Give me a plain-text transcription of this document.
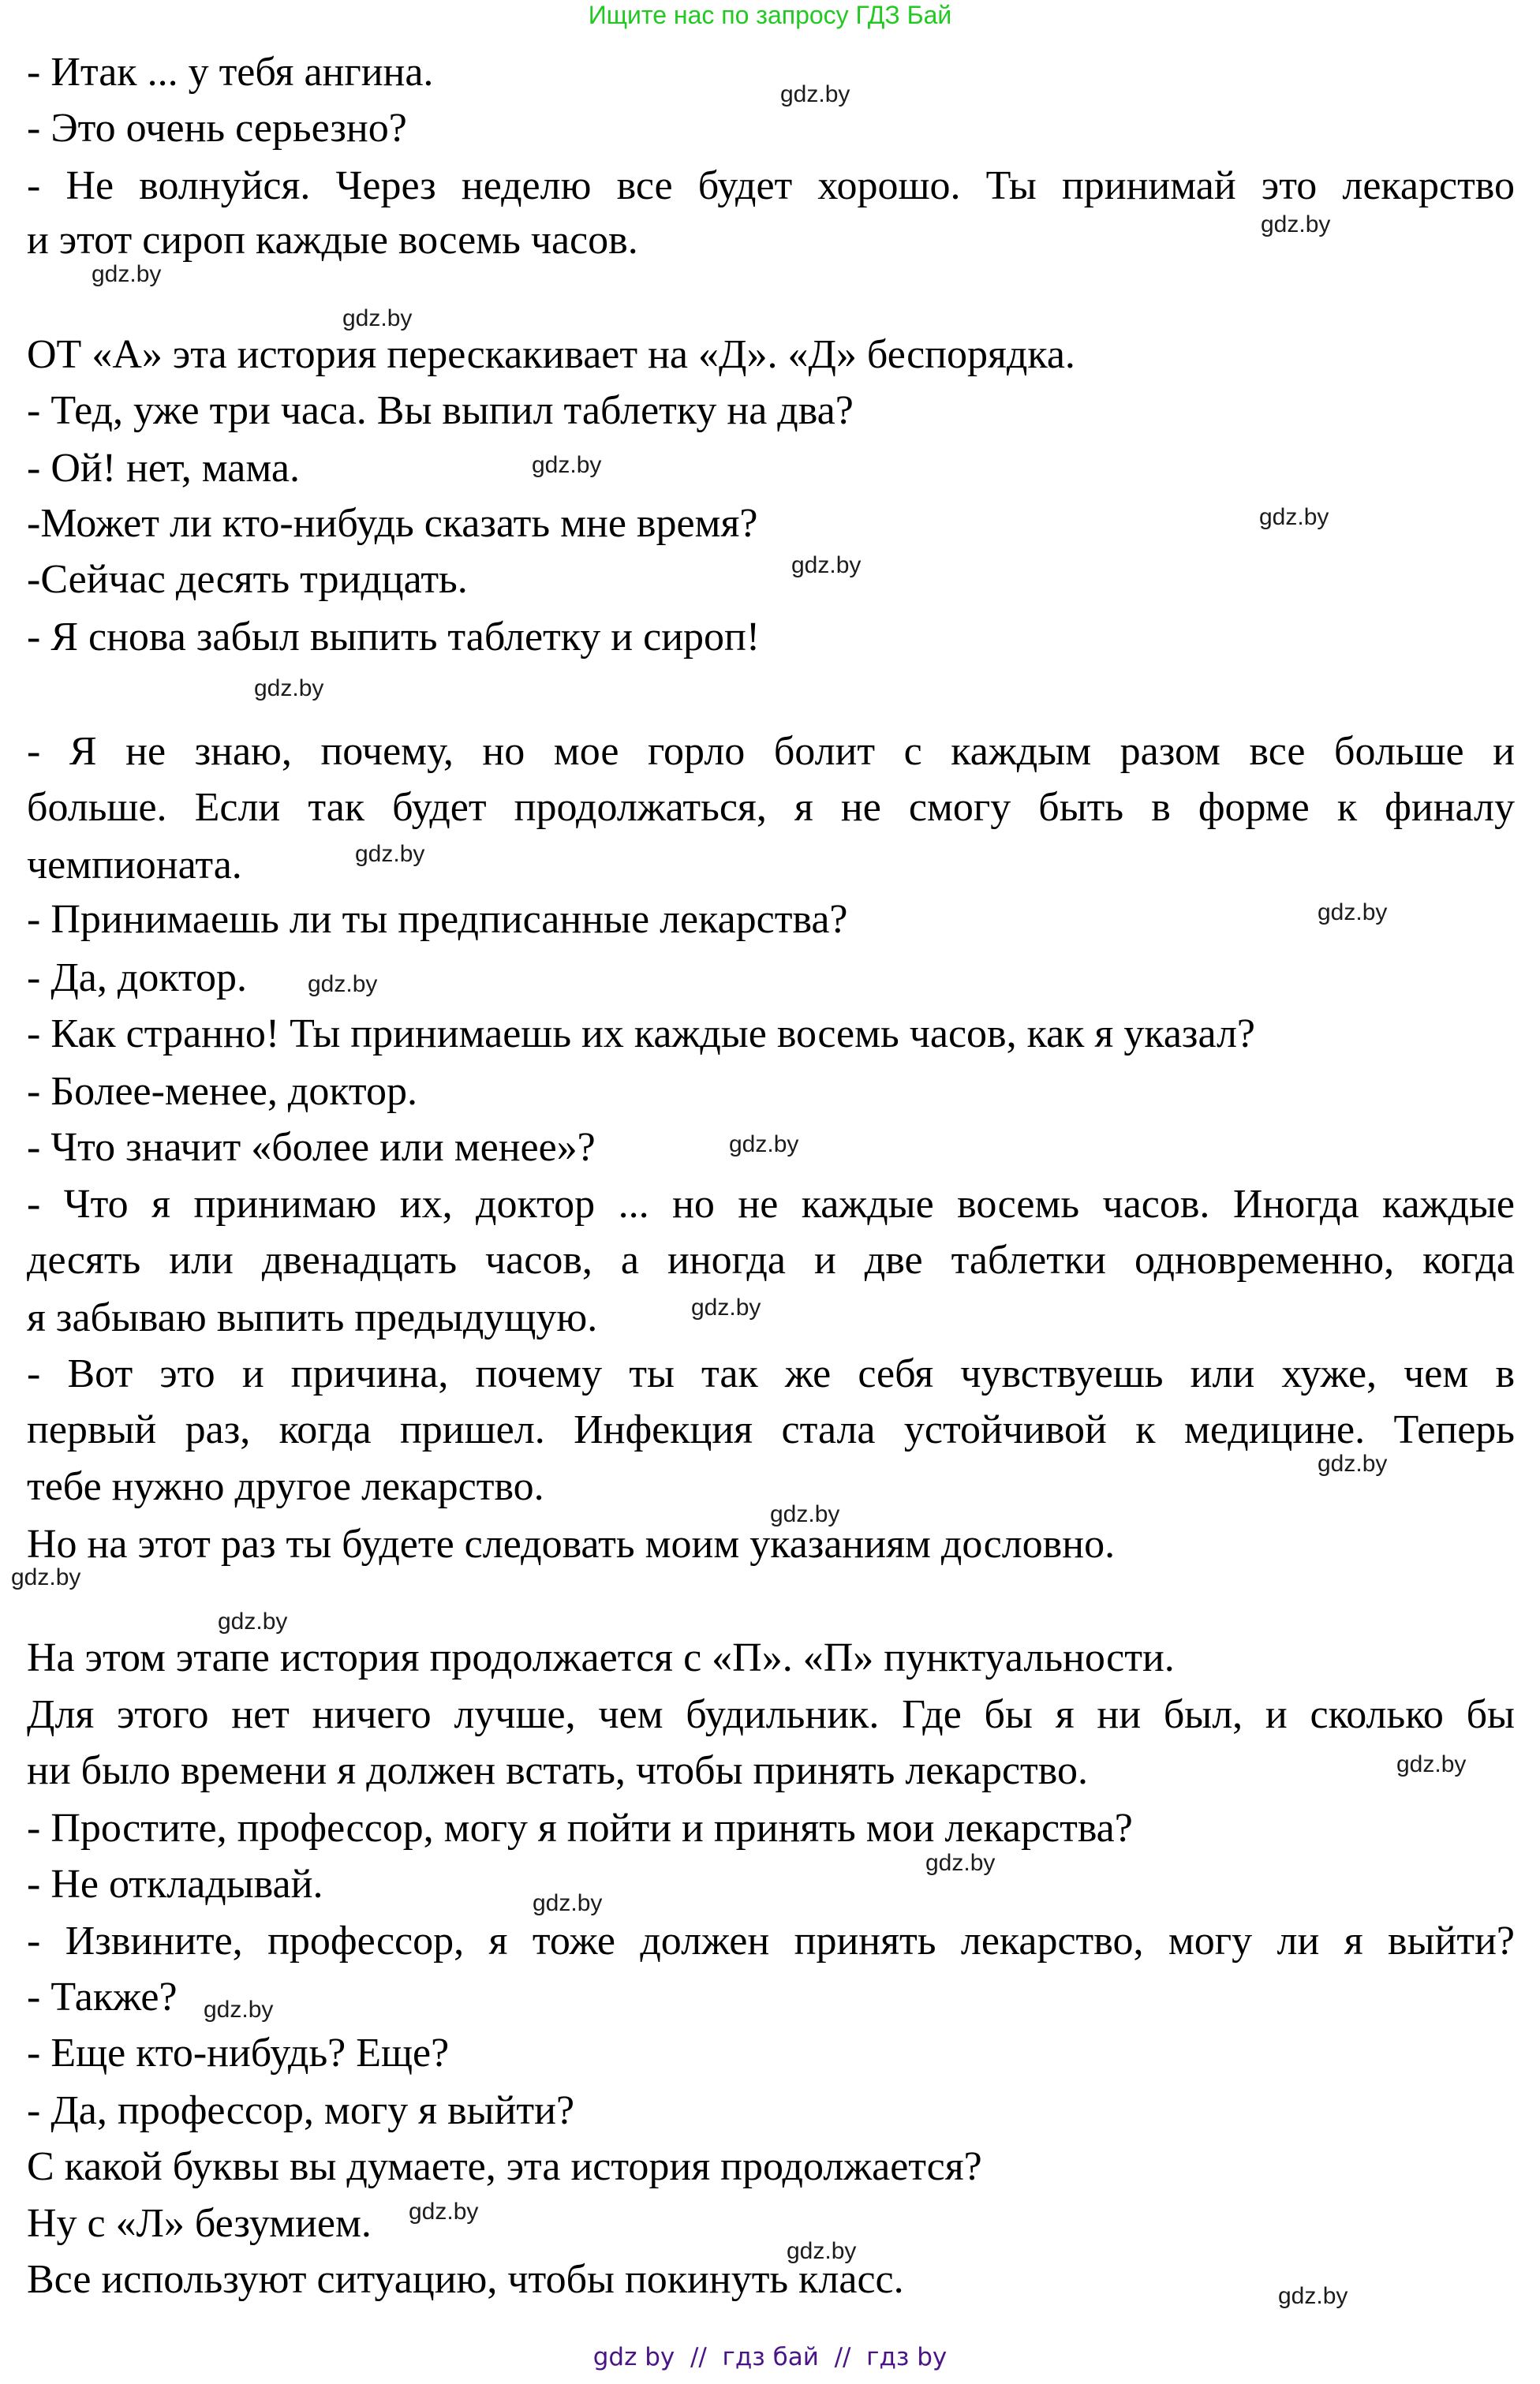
Ищите нас по запросу ГДЗ Бай
- Итак ... у тебя ангина.
- Это очень серьезно?
- Не волнуйся. Через неделю все будет хорошо. Ты принимай это лекарство
и этот сироп каждые восемь часов.
ОТ «А» эта история перескакивает на «Д». «Д» беспорядка.
- Тед, уже три часа. Вы выпил таблетку на два?
- Ой! нет, мама.
-Может ли кто-нибудь сказать мне время?
-Сейчас десять тридцать.
- Я снова забыл выпить таблетку и сироп!
- Я не знаю, почему, но мое горло болит с каждым разом все больше и
больше. Если так будет продолжаться, я не смогу быть в форме к финалу
чемпионата.
- Принимаешь ли ты предписанные лекарства?
- Да, доктор.
- Как странно! Ты принимаешь их каждые восемь часов, как я указал?
- Более-менее, доктор.
- Что значит «более или менее»?
- Что я принимаю их, доктор ... но не каждые восемь часов. Иногда каждые
десять или двенадцать часов, а иногда и две таблетки одновременно, когда
я забываю выпить предыдущую.
- Вот это и причина, почему ты так же себя чувствуешь или хуже, чем в
первый раз, когда пришел. Инфекция стала устойчивой к медицине. Теперь
тебе нужно другое лекарство.
Но на этот раз ты будете следовать моим указаниям дословно.
На этом этапе история продолжается с «П». «П» пунктуальности.
Для этого нет ничего лучше, чем будильник. Где бы я ни был, и сколько бы
ни было времени я должен встать, чтобы принять лекарство.
- Простите, профессор, могу я пойти и принять мои лекарства?
- Не откладывай.
- Извините, профессор, я тоже должен принять лекарство, могу ли я выйти?
- Также?
- Еще кто-нибудь? Еще?
- Да, профессор, могу я выйти?
С какой буквы вы думаете, эта история продолжается?
Ну с «Л» безумием.
Все используют ситуацию, чтобы покинуть класс.
gdz.by
gdz.by
gdz.by
gdz.by
gdz.by
gdz.by
gdz.by
gdz.by
gdz.by
gdz.by
gdz.by
gdz.by
gdz.by
gdz.by
gdz.by
gdz.by
gdz.by
gdz.by
gdz.by
gdz.by
gdz.by
gdz.by
gdz.by
gdz.by
gdz by  //  гдз бай  //  гдз by
